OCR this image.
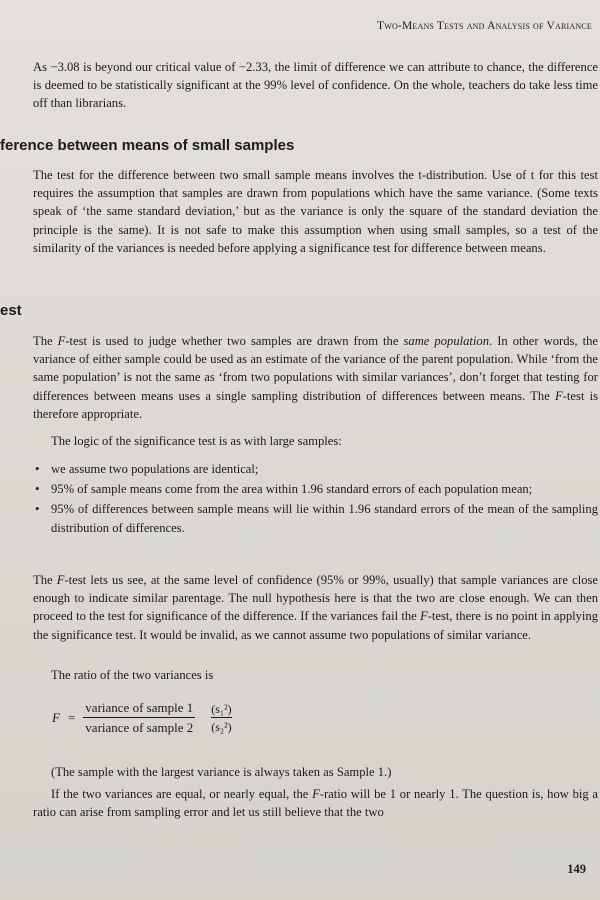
Two-Means Tests and Analysis of Variance

As −3.08 is beyond our critical value of −2.33, the limit of difference we can attribute to chance, the difference is deemed to be statistically significant at the 99% level of confidence. On the whole, teachers do take less time off than librarians.

ference between means of small samples

The test for the difference between two small sample means involves the t-distribution. Use of t for this test requires the assumption that samples are drawn from populations which have the same variance. (Some texts speak of ‘the same standard deviation,’ but as the variance is only the square of the standard deviation the principle is the same). It is not safe to make this assumption when using small samples, so a test of the similarity of the variances is needed before applying a significance test for difference between means.

est

The F-test is used to judge whether two samples are drawn from the same population. In other words, the variance of either sample could be used as an estimate of the variance of the parent population. While ‘from the same population’ is not the same as ‘from two populations with similar variances’, don’t forget that testing for differences between means uses a single sampling distribution of differences between means. The F-test is therefore appropriate.

The logic of the significance test is as with large samples:

• we assume two populations are identical;
• 95% of sample means come from the area within 1.96 standard errors of each population mean;
• 95% of differences between sample means will lie within 1.96 standard errors of the mean of the sampling distribution of differences.

The F-test lets us see, at the same level of confidence (95% or 99%, usually) that sample variances are close enough to indicate similar parentage. The null hypothesis here is that the two are close enough. We can then proceed to the test for significance of the difference. If the variances fail the F-test, there is no point in applying the significance test. It would be invalid, as we cannot assume two populations of similar variance.

The ratio of the two variances is

$F = \frac{\text{variance of sample 1}}{\text{variance of sample 2}} \frac{\text{(s₁²)}}{\text{(s₂²)}}$

(The sample with the largest variance is always taken as Sample 1.)

If the two variances are equal, or nearly equal, the F-ratio will be 1 or nearly 1. The question is, how big a ratio can arise from sampling error and let us still believe that the two

149
